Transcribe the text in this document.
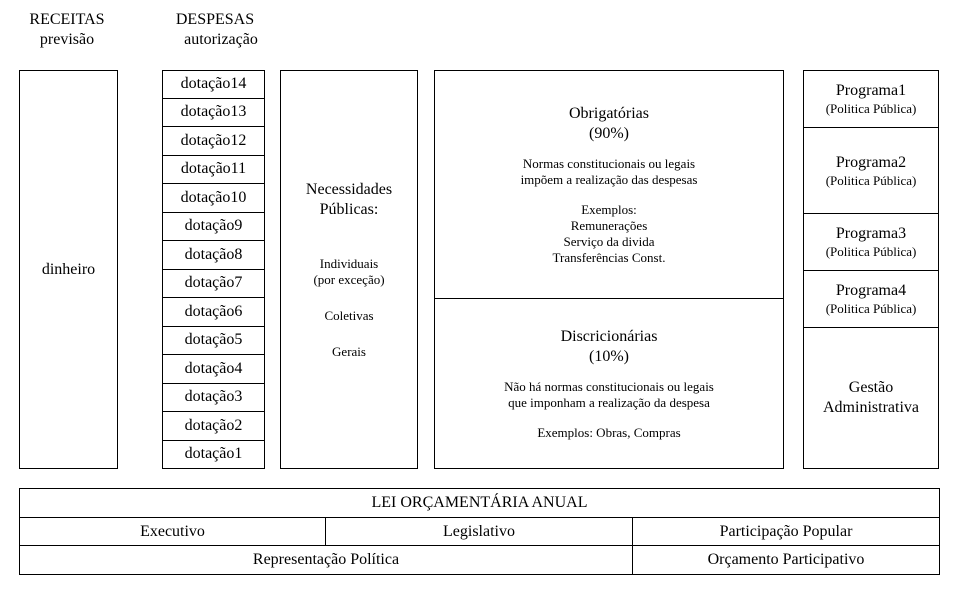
RECEITAS
previsão
DESPESAS
autorização
dinheiro
dotação14
dotação13
dotação12
dotação11
dotação10
dotação9
dotação8
dotação7
dotação6
dotação5
dotação4
dotação3
dotação2
dotação1
Necessidades
Públicas:
Individuais
(por exceção)
Coletivas
Gerais
Obrigatórias
(90%)
Normas constitucionais ou legais
impõem a realização das despesas
Exemplos:
Remunerações
Serviço da divida
Transferências Const.
Discricionárias
(10%)
Não há normas constitucionais ou legais
que imponham a realização da despesa
Exemplos: Obras, Compras
Programa1
(Politica Pública)
Programa2
(Politica Pública)
Programa3
(Politica Pública)
Programa4
(Politica Pública)
Gestão
Administrativa
LEI ORÇAMENTÁRIA ANUAL
Executivo	Legislativo	Participação Popular
Representação Política	Orçamento Participativo
